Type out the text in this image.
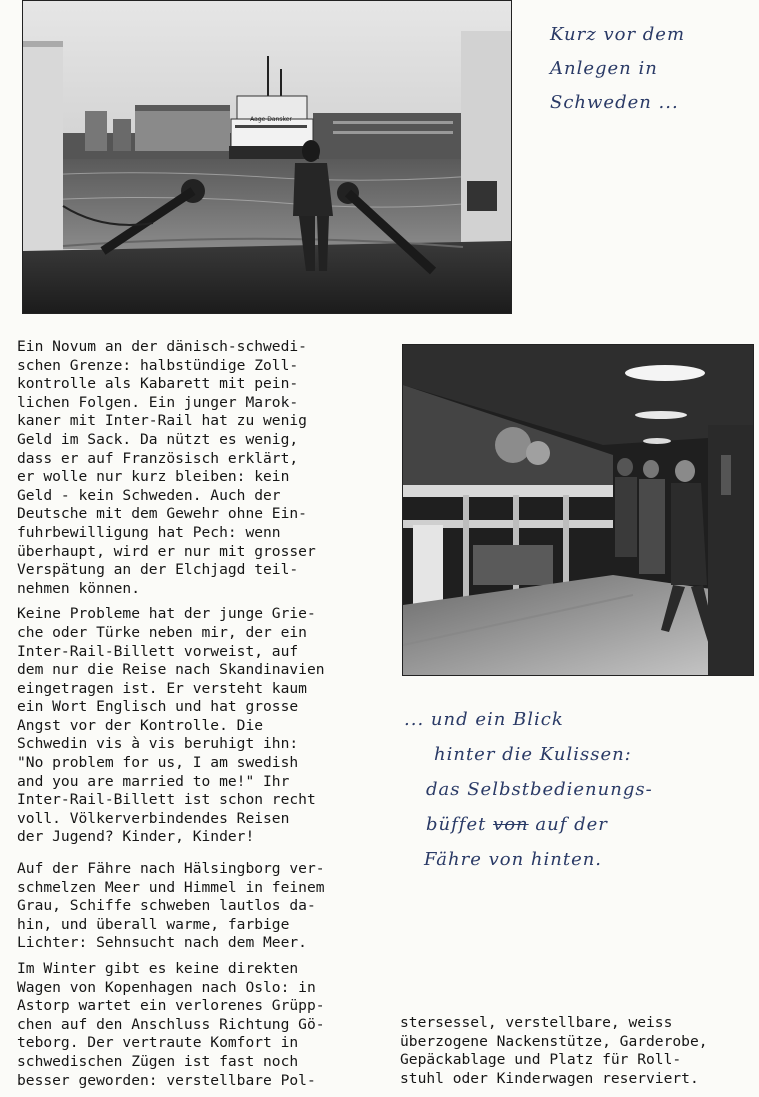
Aage Dansker
Kurz vor dem
Anlegen in
Schweden ...
... und ein Blick
hinter die Kulissen:
das Selbstbedienungs-
büffet von auf der
Fähre von hinten.
Ein Novum an der dänisch-schwedi-
schen Grenze: halbstündige Zoll-
kontrolle als Kabarett mit pein-
lichen Folgen. Ein junger Marok-
kaner mit Inter-Rail hat zu wenig
Geld im Sack. Da nützt es wenig,
dass er auf Französisch erklärt,
er wolle nur kurz bleiben: kein
Geld - kein Schweden. Auch der
Deutsche mit dem Gewehr ohne Ein-
fuhrbewilligung hat Pech: wenn
überhaupt, wird er nur mit grosser
Verspätung an der Elchjagd teil-
nehmen können.
Keine Probleme hat der junge Grie-
che oder Türke neben mir, der ein
Inter-Rail-Billett vorweist, auf
dem nur die Reise nach Skandinavien
eingetragen ist. Er versteht kaum
ein Wort Englisch und hat grosse
Angst vor der Kontrolle. Die
Schwedin vis à vis beruhigt ihn:
"No problem for us, I am swedish
and you are married to me!" Ihr
Inter-Rail-Billett ist schon recht
voll. Völkerverbindendes Reisen
der Jugend? Kinder, Kinder!
Auf der Fähre nach Hälsingborg ver-
schmelzen Meer und Himmel in feinem
Grau, Schiffe schweben lautlos da-
hin, und überall warme, farbige
Lichter: Sehnsucht nach dem Meer.
Im Winter gibt es keine direkten
Wagen von Kopenhagen nach Oslo: in
Astorp wartet ein verlorenes Grüpp-
chen auf den Anschluss Richtung Gö-
teborg. Der vertraute Komfort in
schwedischen Zügen ist fast noch
besser geworden: verstellbare Pol-
stersessel, verstellbare, weiss
überzogene Nackenstütze, Garderobe,
Gepäckablage und Platz für Roll-
stuhl oder Kinderwagen reserviert.
